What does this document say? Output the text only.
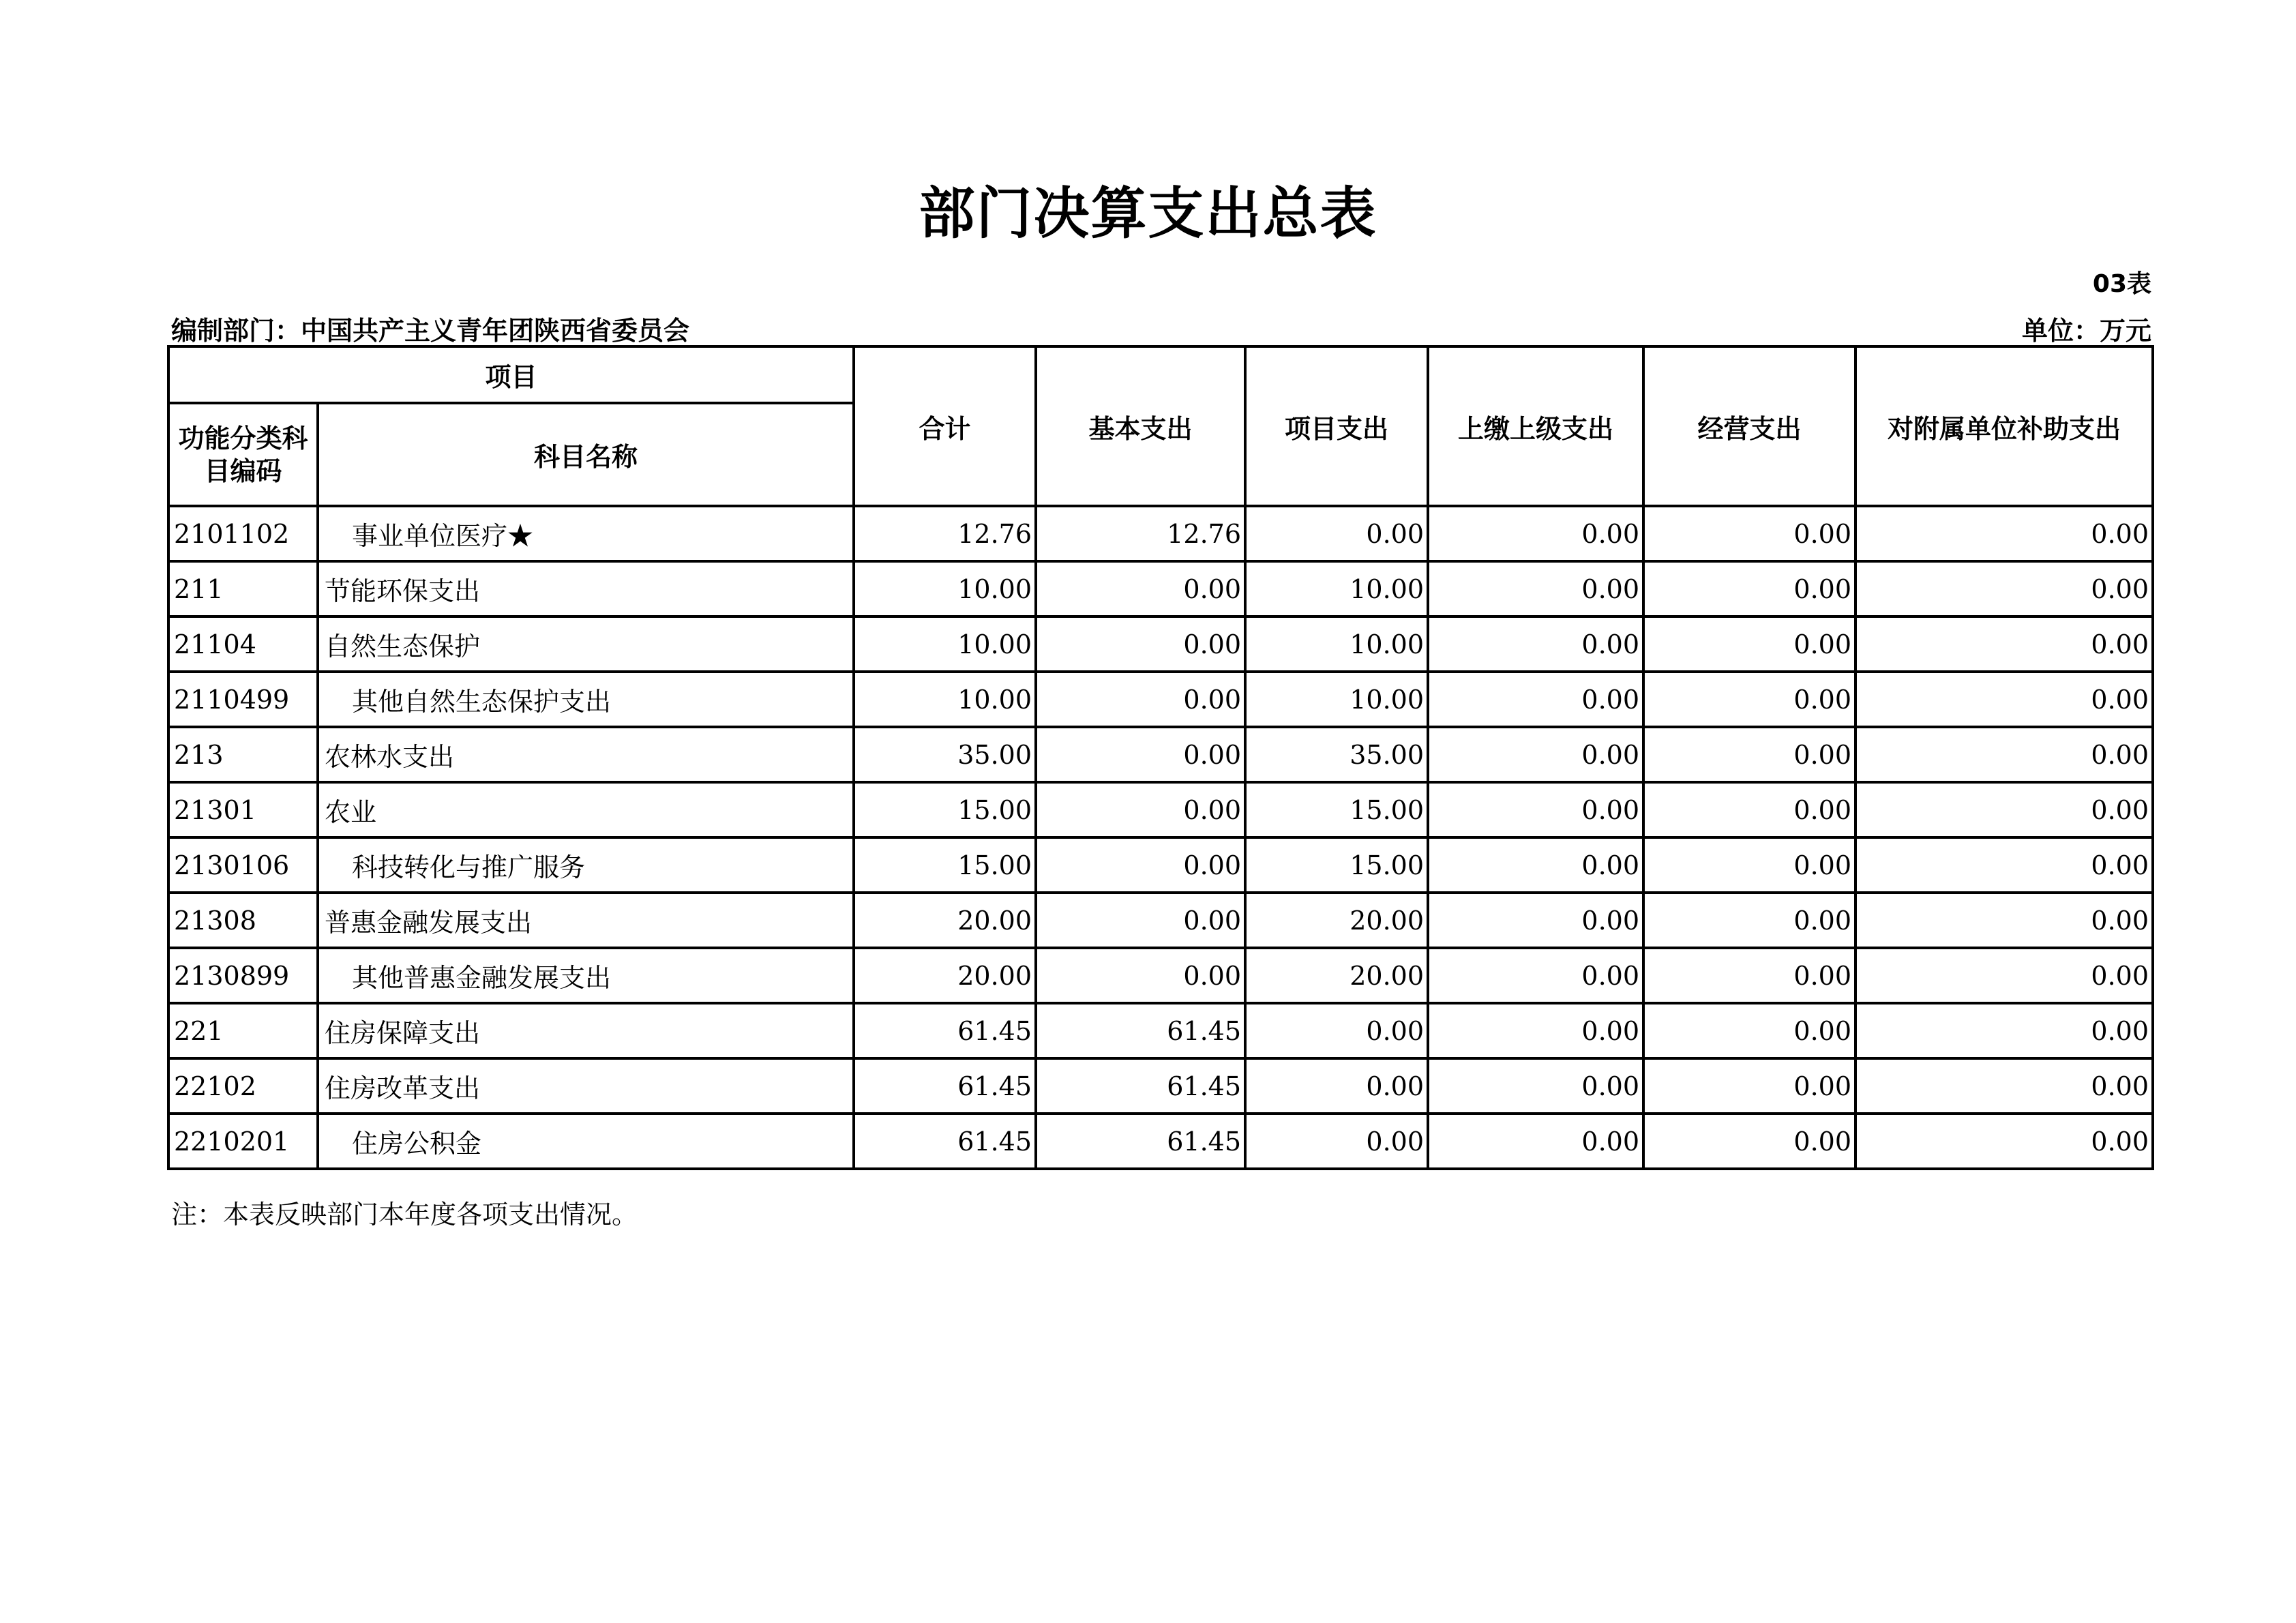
部门决算支出总表
03表
编制部门：中国共产主义青年团陕西省委员会	单位：万元
项目		合计	基本支出	项目支出	上缴上级支出	经营支出	对附属单位补助支出
功能分类科目编码	科目名称						
2101102	事业单位医疗★	12.76	12.76	0.00	0.00	0.00	0.00
211	节能环保支出	10.00	0.00	10.00	0.00	0.00	0.00
21104	自然生态保护	10.00	0.00	10.00	0.00	0.00	0.00
2110499	其他自然生态保护支出	10.00	0.00	10.00	0.00	0.00	0.00
213	农林水支出	35.00	0.00	35.00	0.00	0.00	0.00
21301	农业	15.00	0.00	15.00	0.00	0.00	0.00
2130106	科技转化与推广服务	15.00	0.00	15.00	0.00	0.00	0.00
21308	普惠金融发展支出	20.00	0.00	20.00	0.00	0.00	0.00
2130899	其他普惠金融发展支出	20.00	0.00	20.00	0.00	0.00	0.00
221	住房保障支出	61.45	61.45	0.00	0.00	0.00	0.00
22102	住房改革支出	61.45	61.45	0.00	0.00	0.00	0.00
2210201	住房公积金	61.45	61.45	0.00	0.00	0.00	0.00
注：本表反映部门本年度各项支出情况。
